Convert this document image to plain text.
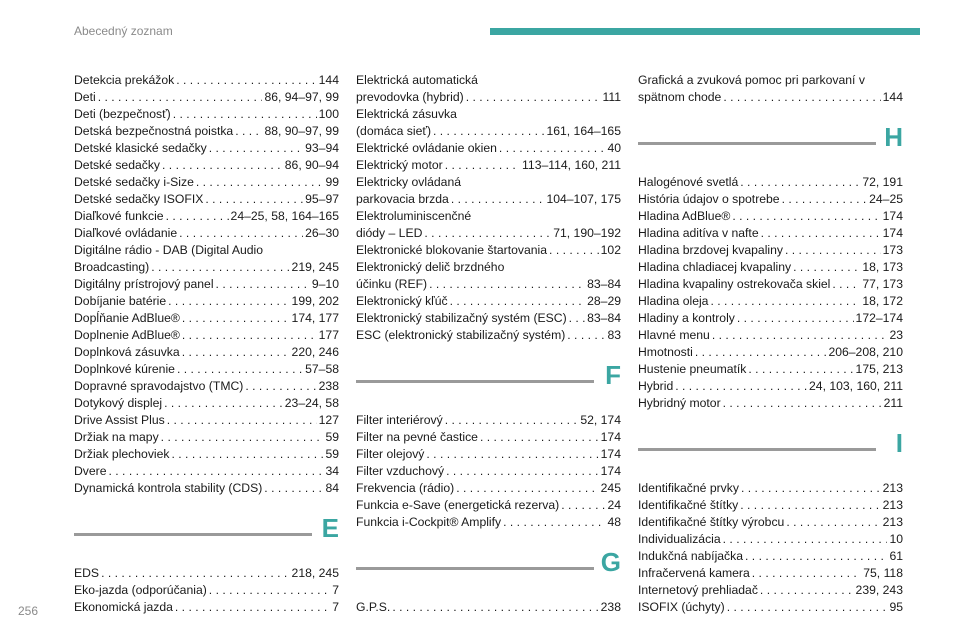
Abecedný zoznam
Detekcia prekážok . . .	144
Deti . . .	86, 94–97, 99
Deti (bezpečnosť) . . .	100
Detská bezpečnostná poistka . . .	88, 90–97, 99
Detské klasické sedačky . . .	93–94
Detské sedačky . . .	86, 90–94
Detské sedačky i-Size . . .	99
Detské sedačky ISOFIX . . .	95–97
Diaľkové funkcie . . .	24–25, 58, 164–165
Diaľkové ovládanie . . .	26–30
Digitálne rádio - DAB (Digital Audio
Broadcasting) . . .	219, 245
Digitálny prístrojový panel . . .	9–10
Dobíjanie batérie . . .	199, 202
Dopĺňanie AdBlue® . . .	174, 177
Doplnenie AdBlue® . . .	177
Doplnková zásuvka . . .	220, 246
Doplnkové kúrenie . . .	57–58
Dopravné spravodajstvo (TMC) . . .	238
Dotykový displej . . .	23–24, 58
Drive Assist Plus . . .	127
Držiak na mapy . . .	59
Držiak plechoviek . . .	59
Dvere . . .	34
Dynamická kontrola stability (CDS) . . .	84
E
EDS . . .	218, 245
Eko-jazda (odporúčania) . . .	7
Ekonomická jazda . . .	7
Elektrická automatická
prevodovka (hybrid) . . .	111
Elektrická zásuvka
(domáca sieť) . . .	161, 164–165
Elektrické ovládanie okien . . .	40
Elektrický motor . . .	113–114, 160, 211
Elektricky ovládaná
parkovacia brzda . . .	104–107, 175
Elektroluminiscenčné
diódy – LED . . .	71, 190–192
Elektronické blokovanie štartovania . . .	102
Elektronický delič brzdného
účinku (REF) . . .	83–84
Elektronický kľúč . . .	28–29
Elektronický stabilizačný systém (ESC) . . . 83–84
ESC (elektronický stabilizačný systém) . . .	83
F
Filter interiérový . . .	52, 174
Filter na pevné častice . . .	174
Filter olejový . . .	174
Filter vzduchový . . .	174
Frekvencia (rádio) . . .	245
Funkcia e-Save (energetická rezerva) . . .	24
Funkcia i-Cockpit® Amplify . . .	48
G
G.P.S. . . .	238
Grafická a zvuková pomoc pri parkovaní v
spätnom chode . . .	144
H
Halogénové svetlá . . .	72, 191
História údajov o spotrebe . . .	24–25
Hladina AdBlue® . . .	174
Hladina aditíva v nafte . . .	174
Hladina brzdovej kvapaliny . . .	173
Hladina chladiacej kvapaliny . . .	18, 173
Hladina kvapaliny ostrekovača skiel . . .	77, 173
Hladina oleja . . .	18, 172
Hladiny a kontroly . . .	172–174
Hlavné menu . . .	23
Hmotnosti . . .	206–208, 210
Hustenie pneumatík . . .	175, 213
Hybrid . . .	24, 103, 160, 211
Hybridný motor . . .	211
I
Identifikačné prvky . . .	213
Identifikačné štítky . . .	213
Identifikačné štítky výrobcu . . .	213
Individualizácia . . .	10
Indukčná nabíjačka . . .	61
Infračervená kamera . . .	75, 118
Internetový prehliadač . . .	239, 243
ISOFIX (úchyty) . . .	95
256
